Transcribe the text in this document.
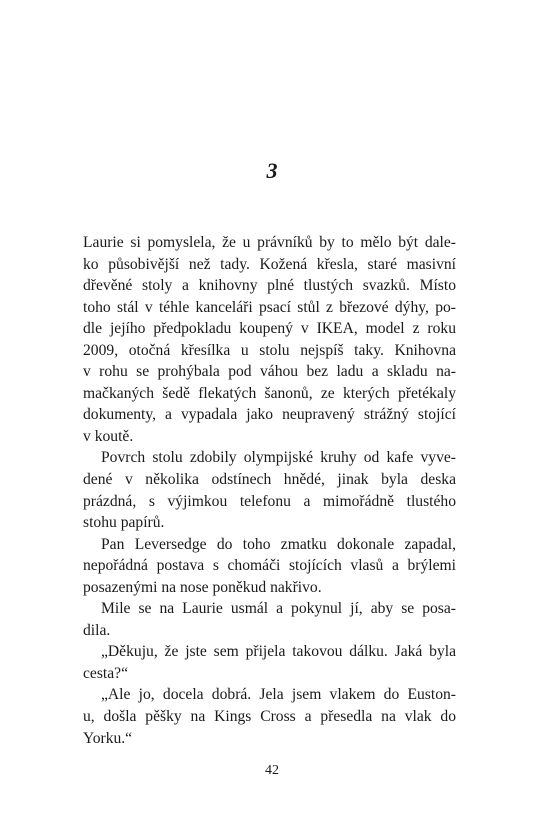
3
Laurie si pomyslela, že u právníků by to mělo být dale-
ko působivější než tady. Kožená křesla, staré masivní
dřevěné stoly a knihovny plné tlustých svazků. Místo
toho stál v téhle kanceláři psací stůl z březové dýhy, po-
dle jejího předpokladu koupený v IKEA, model z roku
2009, otočná křesílka u stolu nejspíš taky. Knihovna
v rohu se prohýbala pod váhou bez ladu a skladu na-
mačkaných šedě flekatých šanonů, ze kterých přetékaly
dokumenty, a vypadala jako neupravený strážný stojící
v koutě.
Povrch stolu zdobily olympijské kruhy od kafe vyve-
dené v několika odstínech hnědé, jinak byla deska
prázdná, s výjimkou telefonu a mimořádně tlustého
stohu papírů.
Pan Leversedge do toho zmatku dokonale zapadal,
nepořádná postava s chomáči stojících vlasů a brýlemi
posazenými na nose poněkud nakřivo.
Mile se na Laurie usmál a pokynul jí, aby se posa-
dila.
„Děkuju, že jste sem přijela takovou dálku. Jaká byla
cesta?“
„Ale jo, docela dobrá. Jela jsem vlakem do Euston-
u, došla pěšky na Kings Cross a přesedla na vlak do
Yorku.“

42
